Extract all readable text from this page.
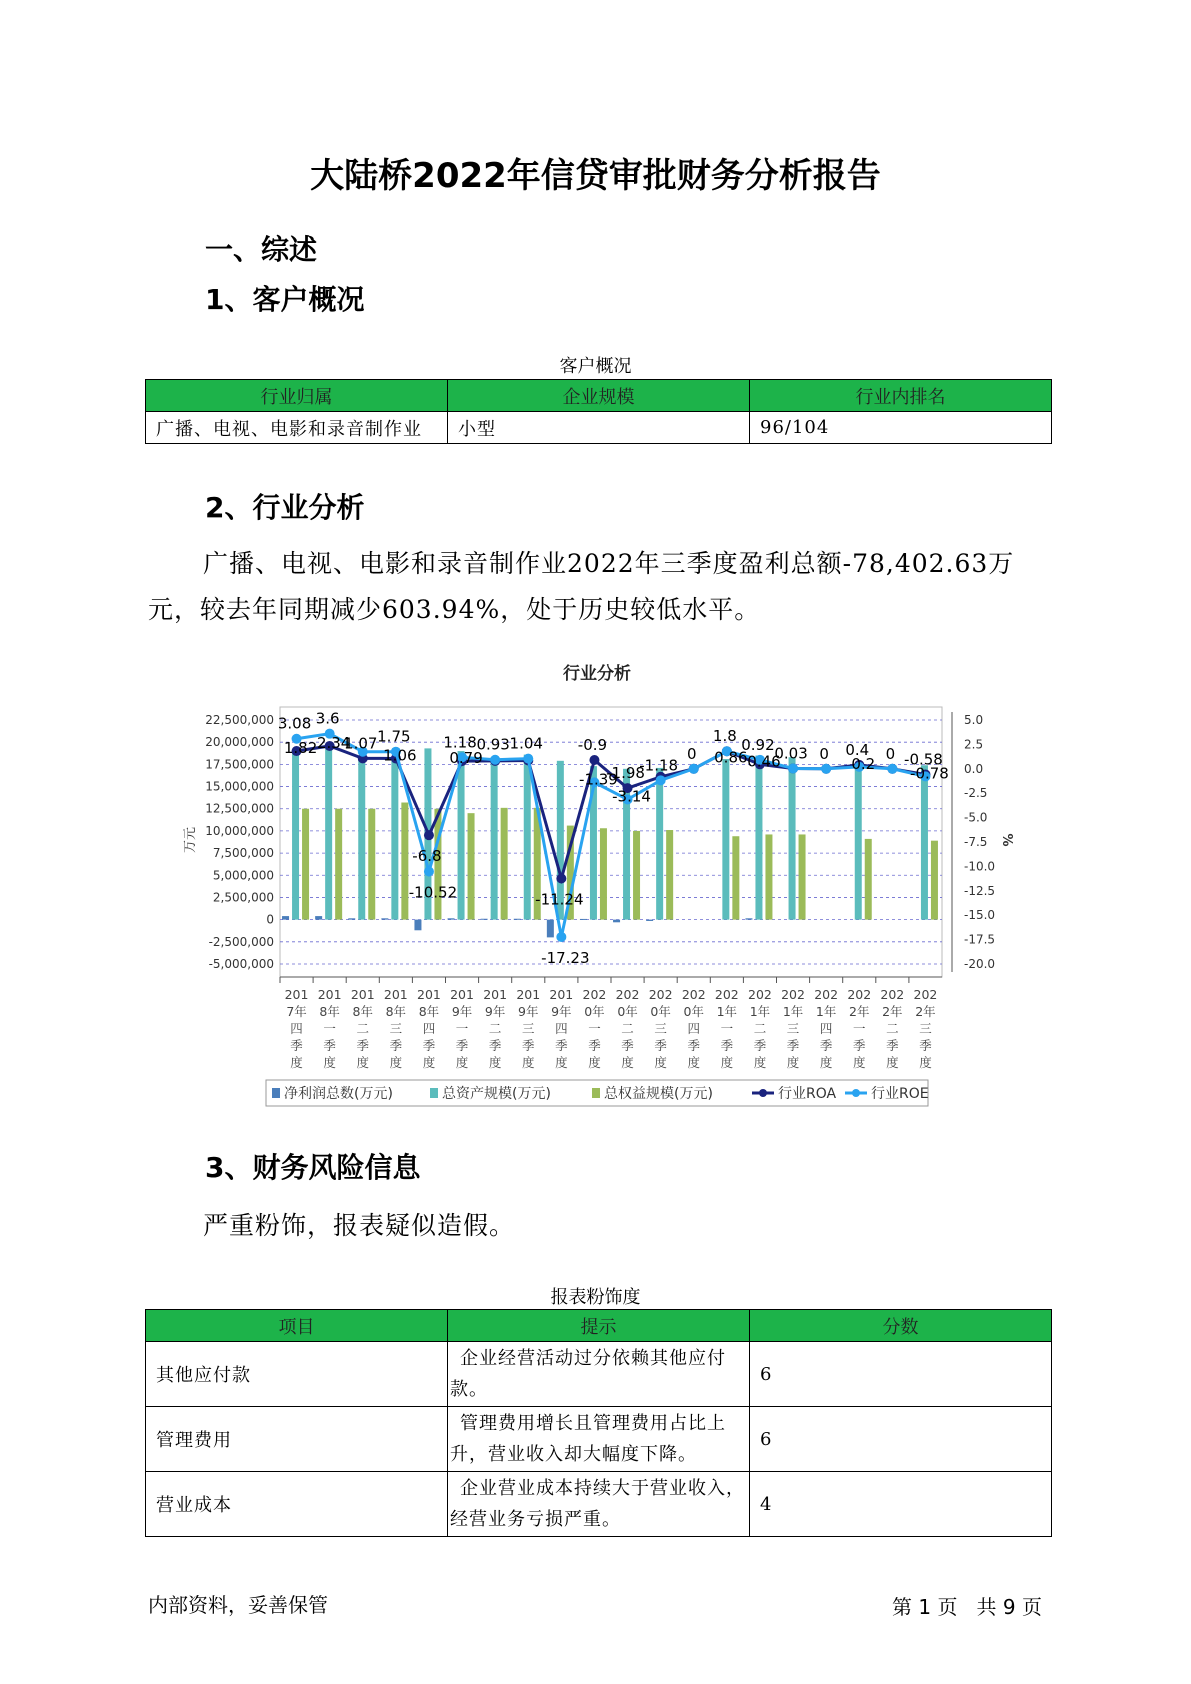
大陆桥2022年信贷审批财务分析报告
一、综述
1、客户概况
客户概况
行业归属	企业规模	行业内排名
广播、电视、电影和录音制作业	小型	96/104
2、行业分析
广播、电视、电影和录音制作业2022年三季度盈利总额-78,402.63万
元，较去年同期减少603.94%，处于历史较低水平。
行业分析
22,500,000
20,000,000
17,500,000
15,000,000
12,500,000
10,000,000
7,500,000
5,000,000
2,500,000
0
-2,500,000
-5,000,000
5.0
2.5
0.0
-2.5
-5.0
-7.5
-10.0
-12.5
-15.0
-17.5
-20.0
万元	%
3.08
1.82
3.6
2.34
1.07 1.75
1.06
-6.8
-10.52
1.18
0.79
0.93 1.04
-11.24
-17.23
-0.9
-1.39
-1.98
-3.14
-1.18
0
1.8
0.86
0.92
0.46
0.03 0 0.4
0.2
0 -0.58
-0.78
201
7年
四
季
度
201
8年
一
季
度
201
8年
二
季
度
201
8年
三
季
度
201
8年
四
季
度
201
9年
一
季
度
201
9年
二
季
度
201
9年
三
季
度
201
9年
四
季
度
202
0年
一
季
度
202
0年
二
季
度
202
0年
三
季
度
202
0年
四
季
度
202
1年
一
季
度
202
1年
二
季
度
202
1年
三
季
度
202
1年
四
季
度
202
2年
一
季
度
202
2年
二
季
度
202
2年
三
季
度
净利润总数(万元)	总资产规模(万元)	总权益规模(万元)	行业ROA 行业ROE
3、财务风险信息
严重粉饰，报表疑似造假。
报表粉饰度
项目	提示	分数
其他应付款	企业经营活动过分依赖其他应付
款。	6
管理费用	管理费用增长且管理费用占比上
升，营业收入却大幅度下降。	6
营业成本	企业营业成本持续大于营业收入，
经营业务亏损严重。	4
内部资料，妥善保管	第 1 页   共 9 页
